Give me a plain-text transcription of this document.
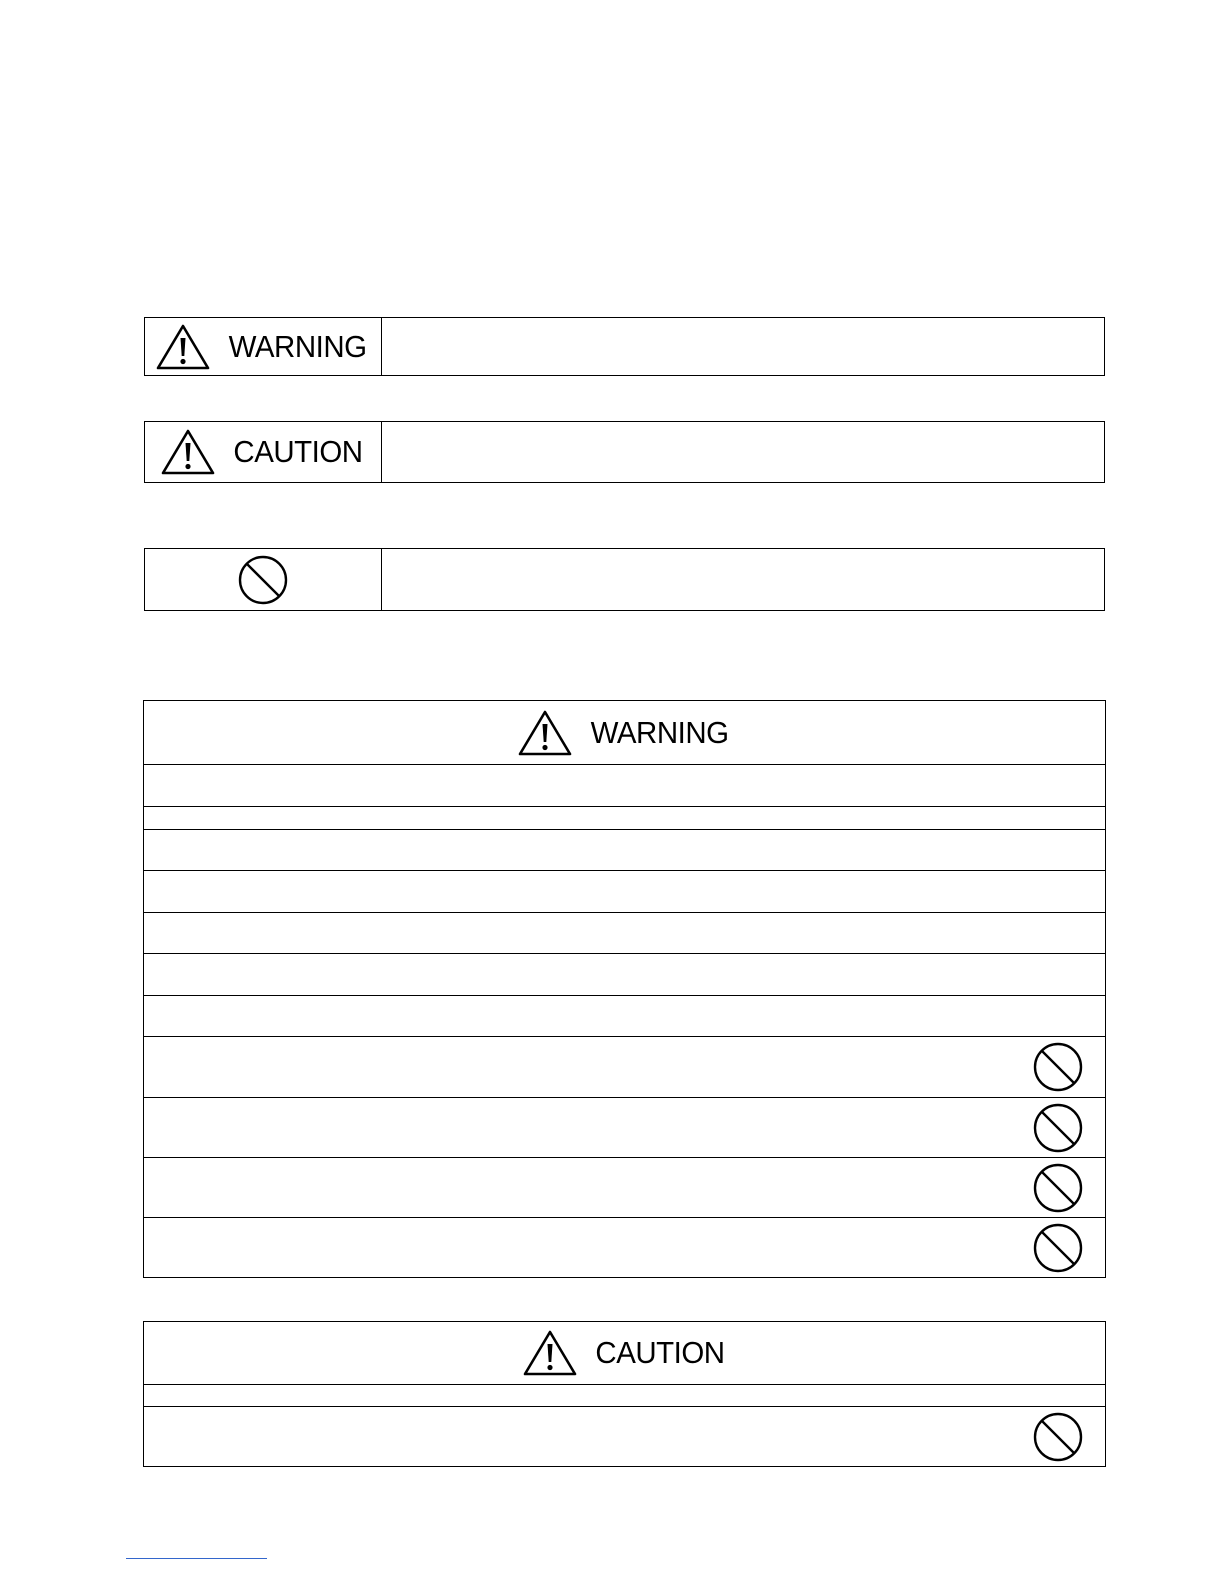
WARNING
CAUTION
WARNING
CAUTION
